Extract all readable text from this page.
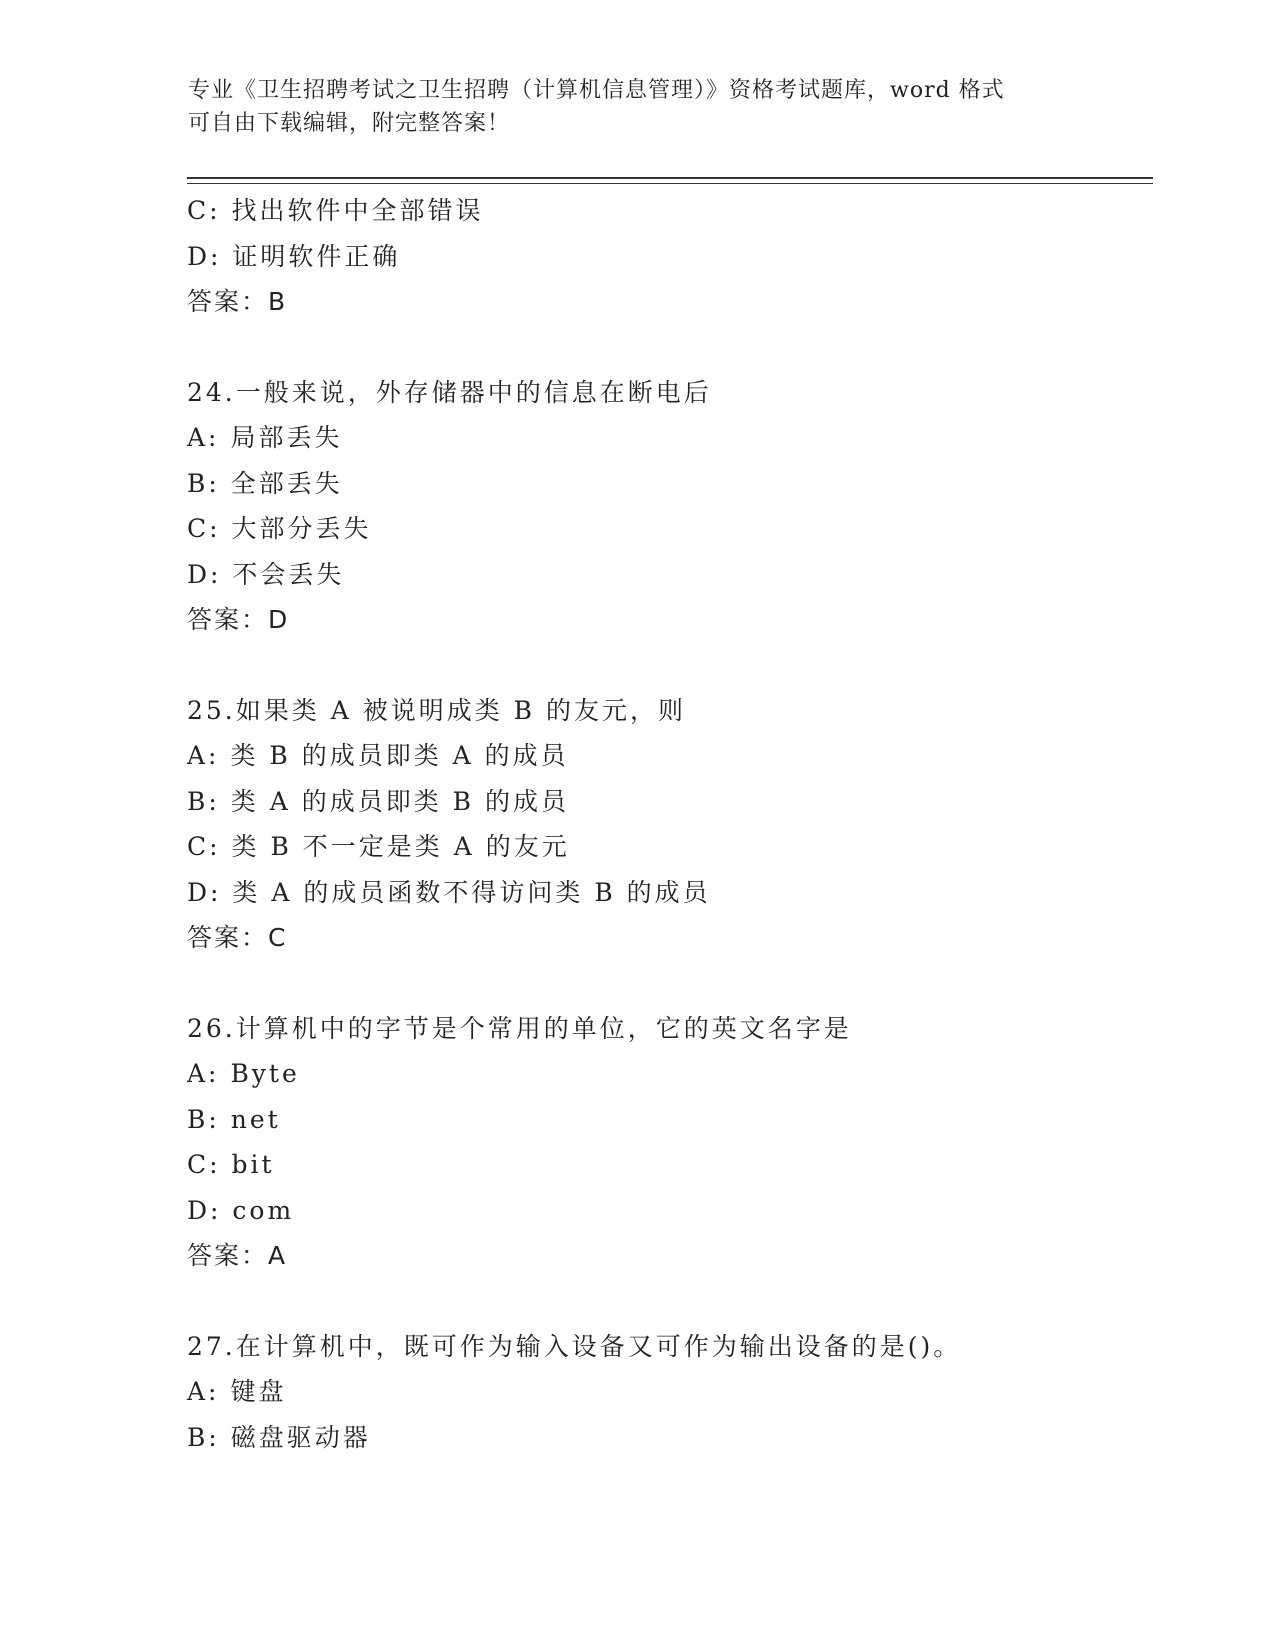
专业《卫生招聘考试之卫生招聘（计算机信息管理）》资格考试题库，word 格式
可自由下载编辑，附完整答案！
C: 找出软件中全部错误
D: 证明软件正确
答案：B
24.一般来说，外存储器中的信息在断电后
A: 局部丢失
B: 全部丢失
C: 大部分丢失
D: 不会丢失
答案：D
25.如果类 A 被说明成类 B 的友元，则
A: 类 B 的成员即类 A 的成员
B: 类 A 的成员即类 B 的成员
C: 类 B 不一定是类 A 的友元
D: 类 A 的成员函数不得访问类 B 的成员
答案：C
26.计算机中的字节是个常用的单位，它的英文名字是
A: Byte
B: net
C: bit
D: com
答案：A
27.在计算机中，既可作为输入设备又可作为输出设备的是()。
A: 键盘
B: 磁盘驱动器
